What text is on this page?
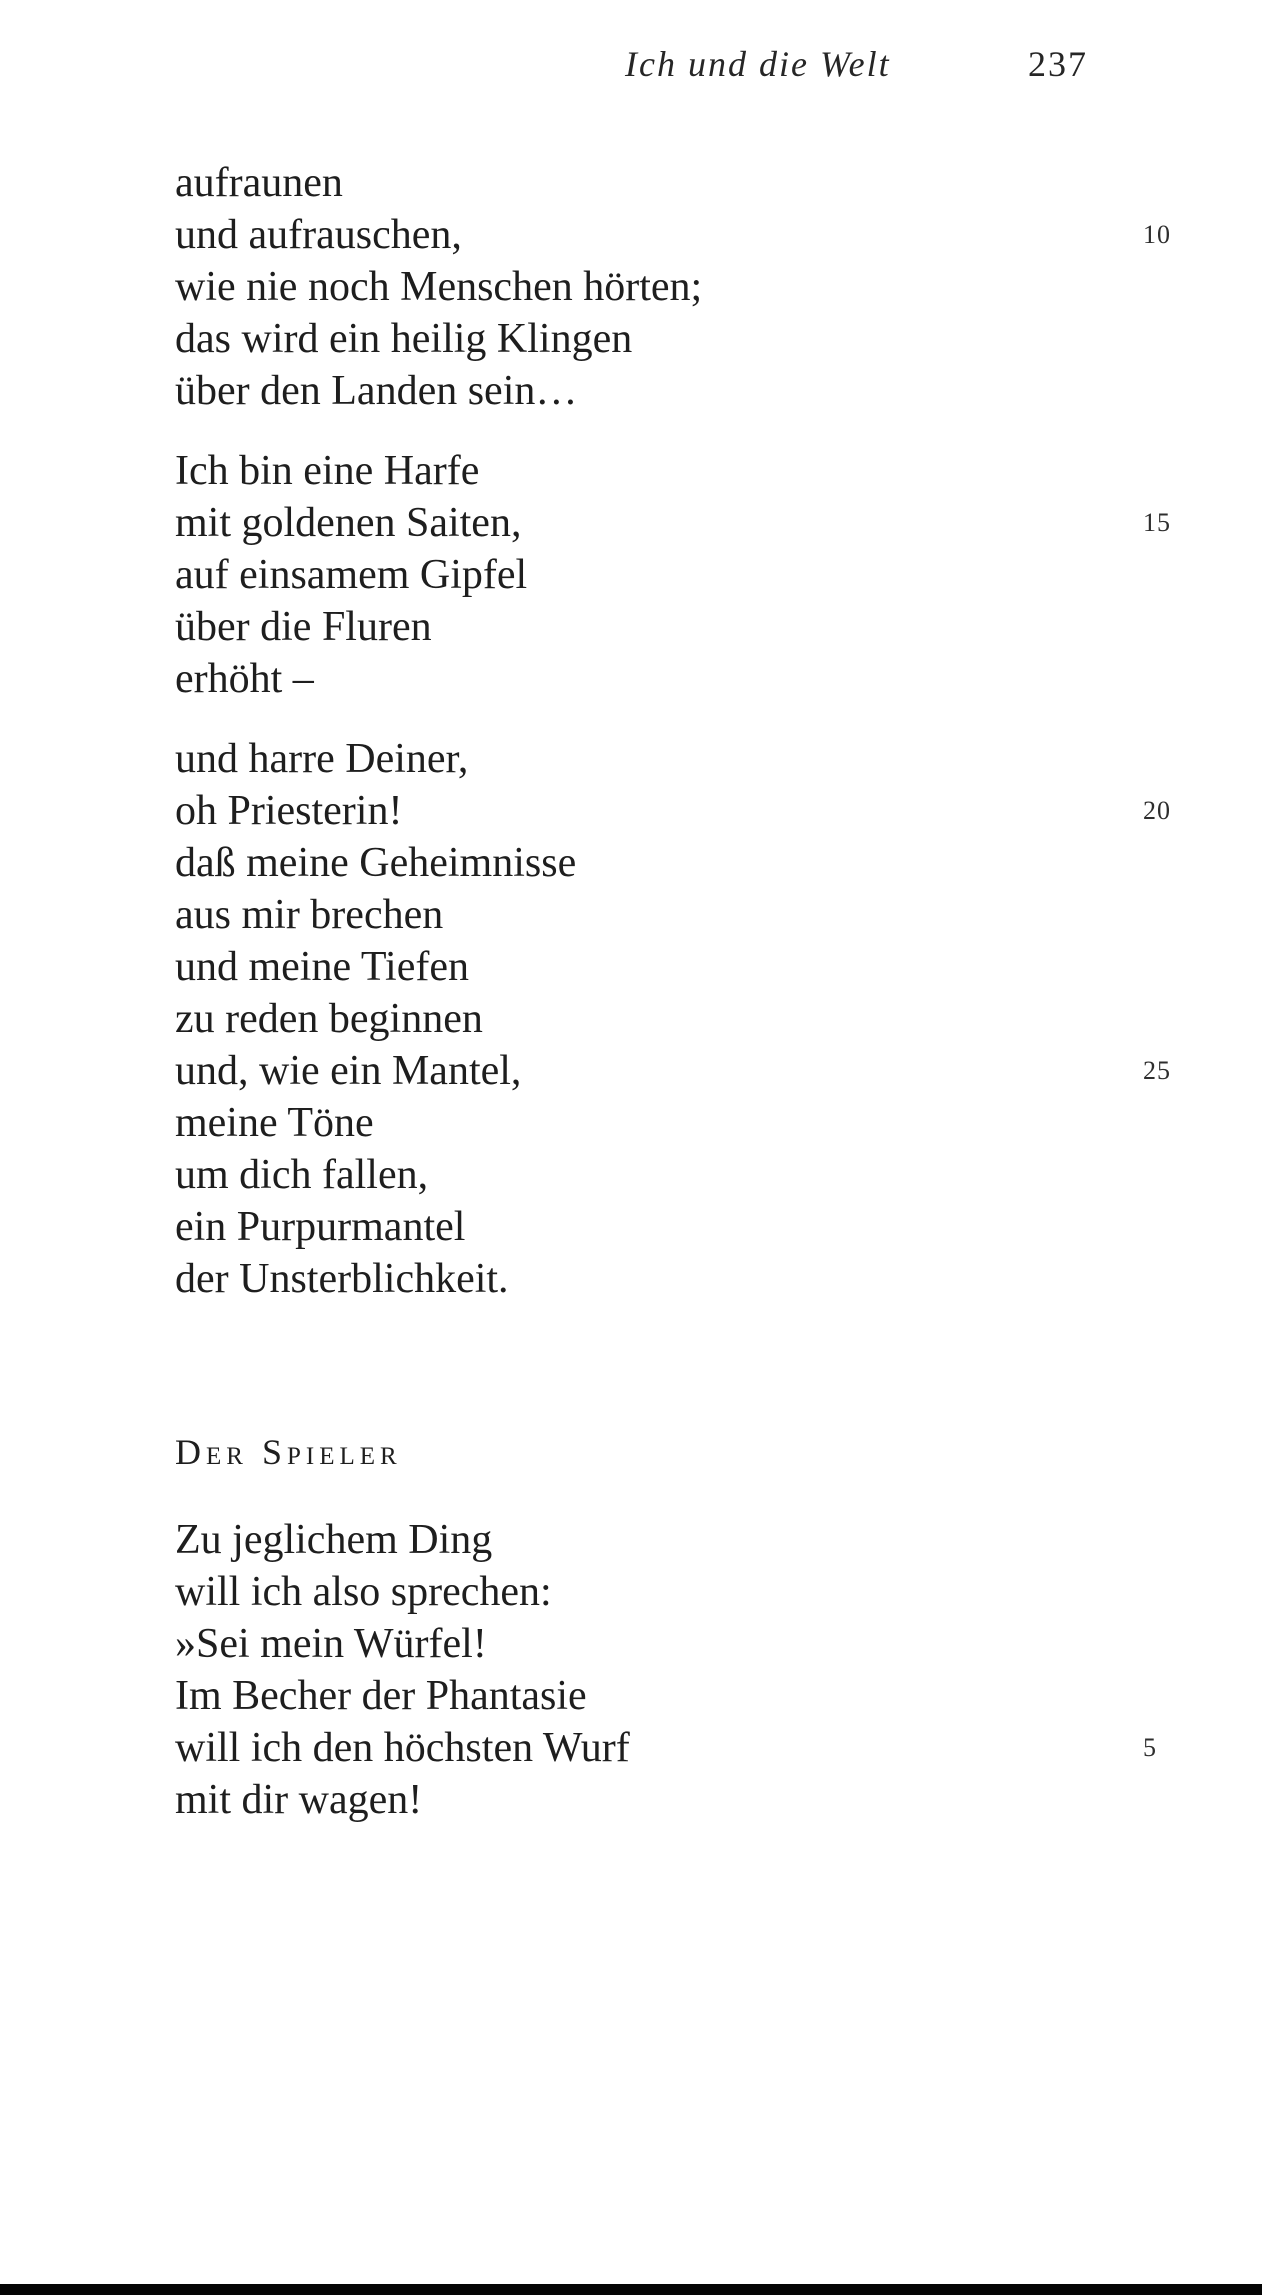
Ich und die Welt	237
aufraunen
und aufrauschen,	10
wie nie noch Menschen hörten;
das wird ein heilig Klingen
über den Landen sein…
Ich bin eine Harfe
mit goldenen Saiten,	15
auf einsamem Gipfel
über die Fluren
erhöht –
und harre Deiner,
oh Priesterin!	20
daß meine Geheimnisse
aus mir brechen
und meine Tiefen
zu reden beginnen
und, wie ein Mantel,	25
meine Töne
um dich fallen,
ein Purpurmantel
der Unsterblichkeit.
Der Spieler
Zu jeglichem Ding
will ich also sprechen:
»Sei mein Würfel!
Im Becher der Phantasie
will ich den höchsten Wurf	5
mit dir wagen!
